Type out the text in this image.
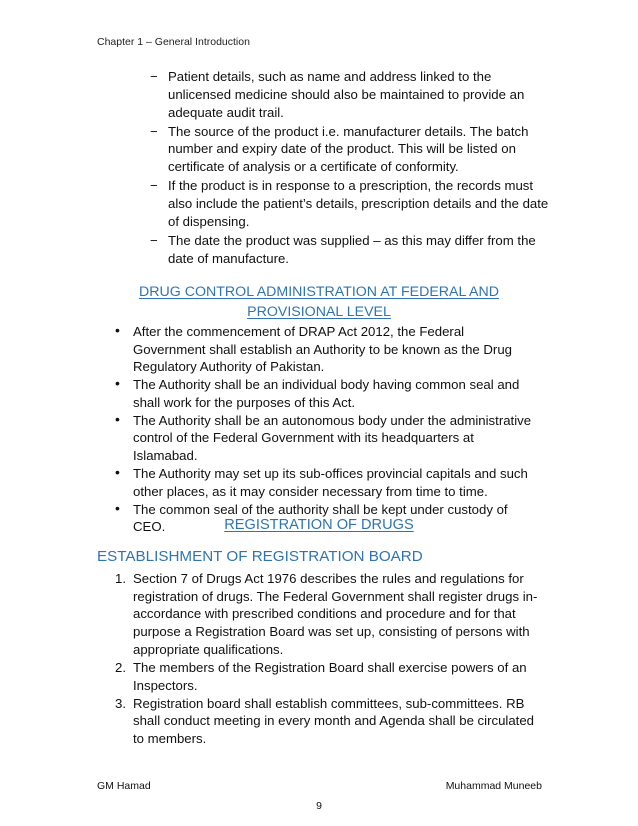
Chapter 1 – General Introduction
− Patient details, such as name and address linked to the unlicensed medicine should also be maintained to provide an adequate audit trail.
− The source of the product i.e. manufacturer details. The batch number and expiry date of the product. This will be listed on certificate of analysis or a certificate of conformity.
− If the product is in response to a prescription, the records must also include the patient’s details, prescription details and the date of dispensing.
− The date the product was supplied – as this may differ from the date of manufacture.
DRUG CONTROL ADMINISTRATION AT FEDERAL AND PROVISIONAL LEVEL
• After the commencement of DRAP Act 2012, the Federal Government shall establish an Authority to be known as the Drug Regulatory Authority of Pakistan.
• The Authority shall be an individual body having common seal and shall work for the purposes of this Act.
• The Authority shall be an autonomous body under the administrative control of the Federal Government with its headquarters at Islamabad.
• The Authority may set up its sub-offices provincial capitals and such other places, as it may consider necessary from time to time.
• The common seal of the authority shall be kept under custody of CEO.	REGISTRATION OF DRUGS
ESTABLISHMENT OF REGISTRATION BOARD
1. Section 7 of Drugs Act 1976 describes the rules and regulations for registration of drugs. The Federal Government shall register drugs in-accordance with prescribed conditions and procedure and for that purpose a Registration Board was set up, consisting of persons with appropriate qualifications.
2. The members of the Registration Board shall exercise powers of an Inspectors.
3. Registration board shall establish committees, sub-committees. RB shall conduct meeting in every month and Agenda shall be circulated to members.
GM Hamad	Muhammad Muneeb
9
